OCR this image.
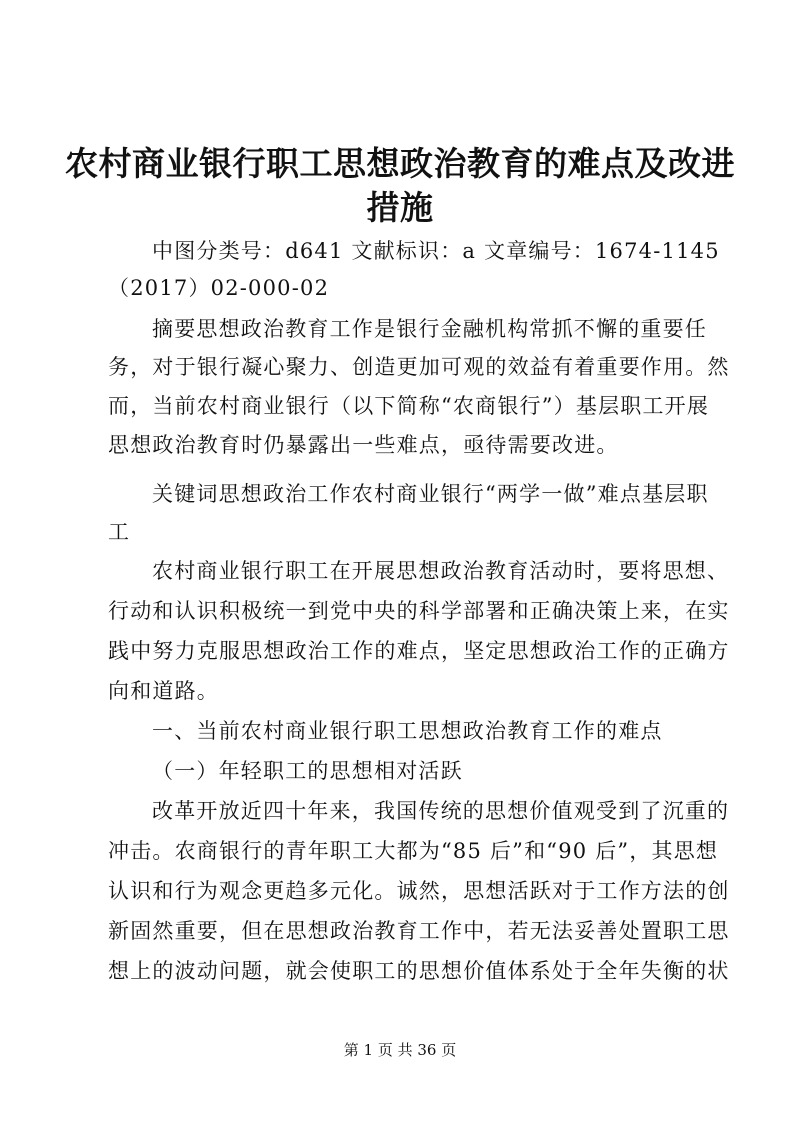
农村商业银行职工思想政治教育的难点及改进
措施

中图分类号：d641 文献标识：a 文章编号：1674-1145

（2017）02-000-02

摘要思想政治教育工作是银行金融机构常抓不懈的重要任

务，对于银行凝心聚力、创造更加可观的效益有着重要作用。然

而，当前农村商业银行（以下简称“农商银行”）基层职工开展

思想政治教育时仍暴露出一些难点，亟待需要改进。

关键词思想政治工作农村商业银行“两学一做”难点基层职

工

农村商业银行职工在开展思想政治教育活动时，要将思想、

行动和认识积极统一到党中央的科学部署和正确决策上来，在实

践中努力克服思想政治工作的难点，坚定思想政治工作的正确方

向和道路。

一、当前农村商业银行职工思想政治教育工作的难点

（一）年轻职工的思想相对活跃

改革开放近四十年来，我国传统的思想价值观受到了沉重的

冲击。农商银行的青年职工大都为“85 后”和“90 后”，其思想

认识和行为观念更趋多元化。诚然，思想活跃对于工作方法的创

新固然重要，但在思想政治教育工作中，若无法妥善处置职工思

想上的波动问题，就会使职工的思想价值体系处于全年失衡的状

第 1 页 共 36 页
